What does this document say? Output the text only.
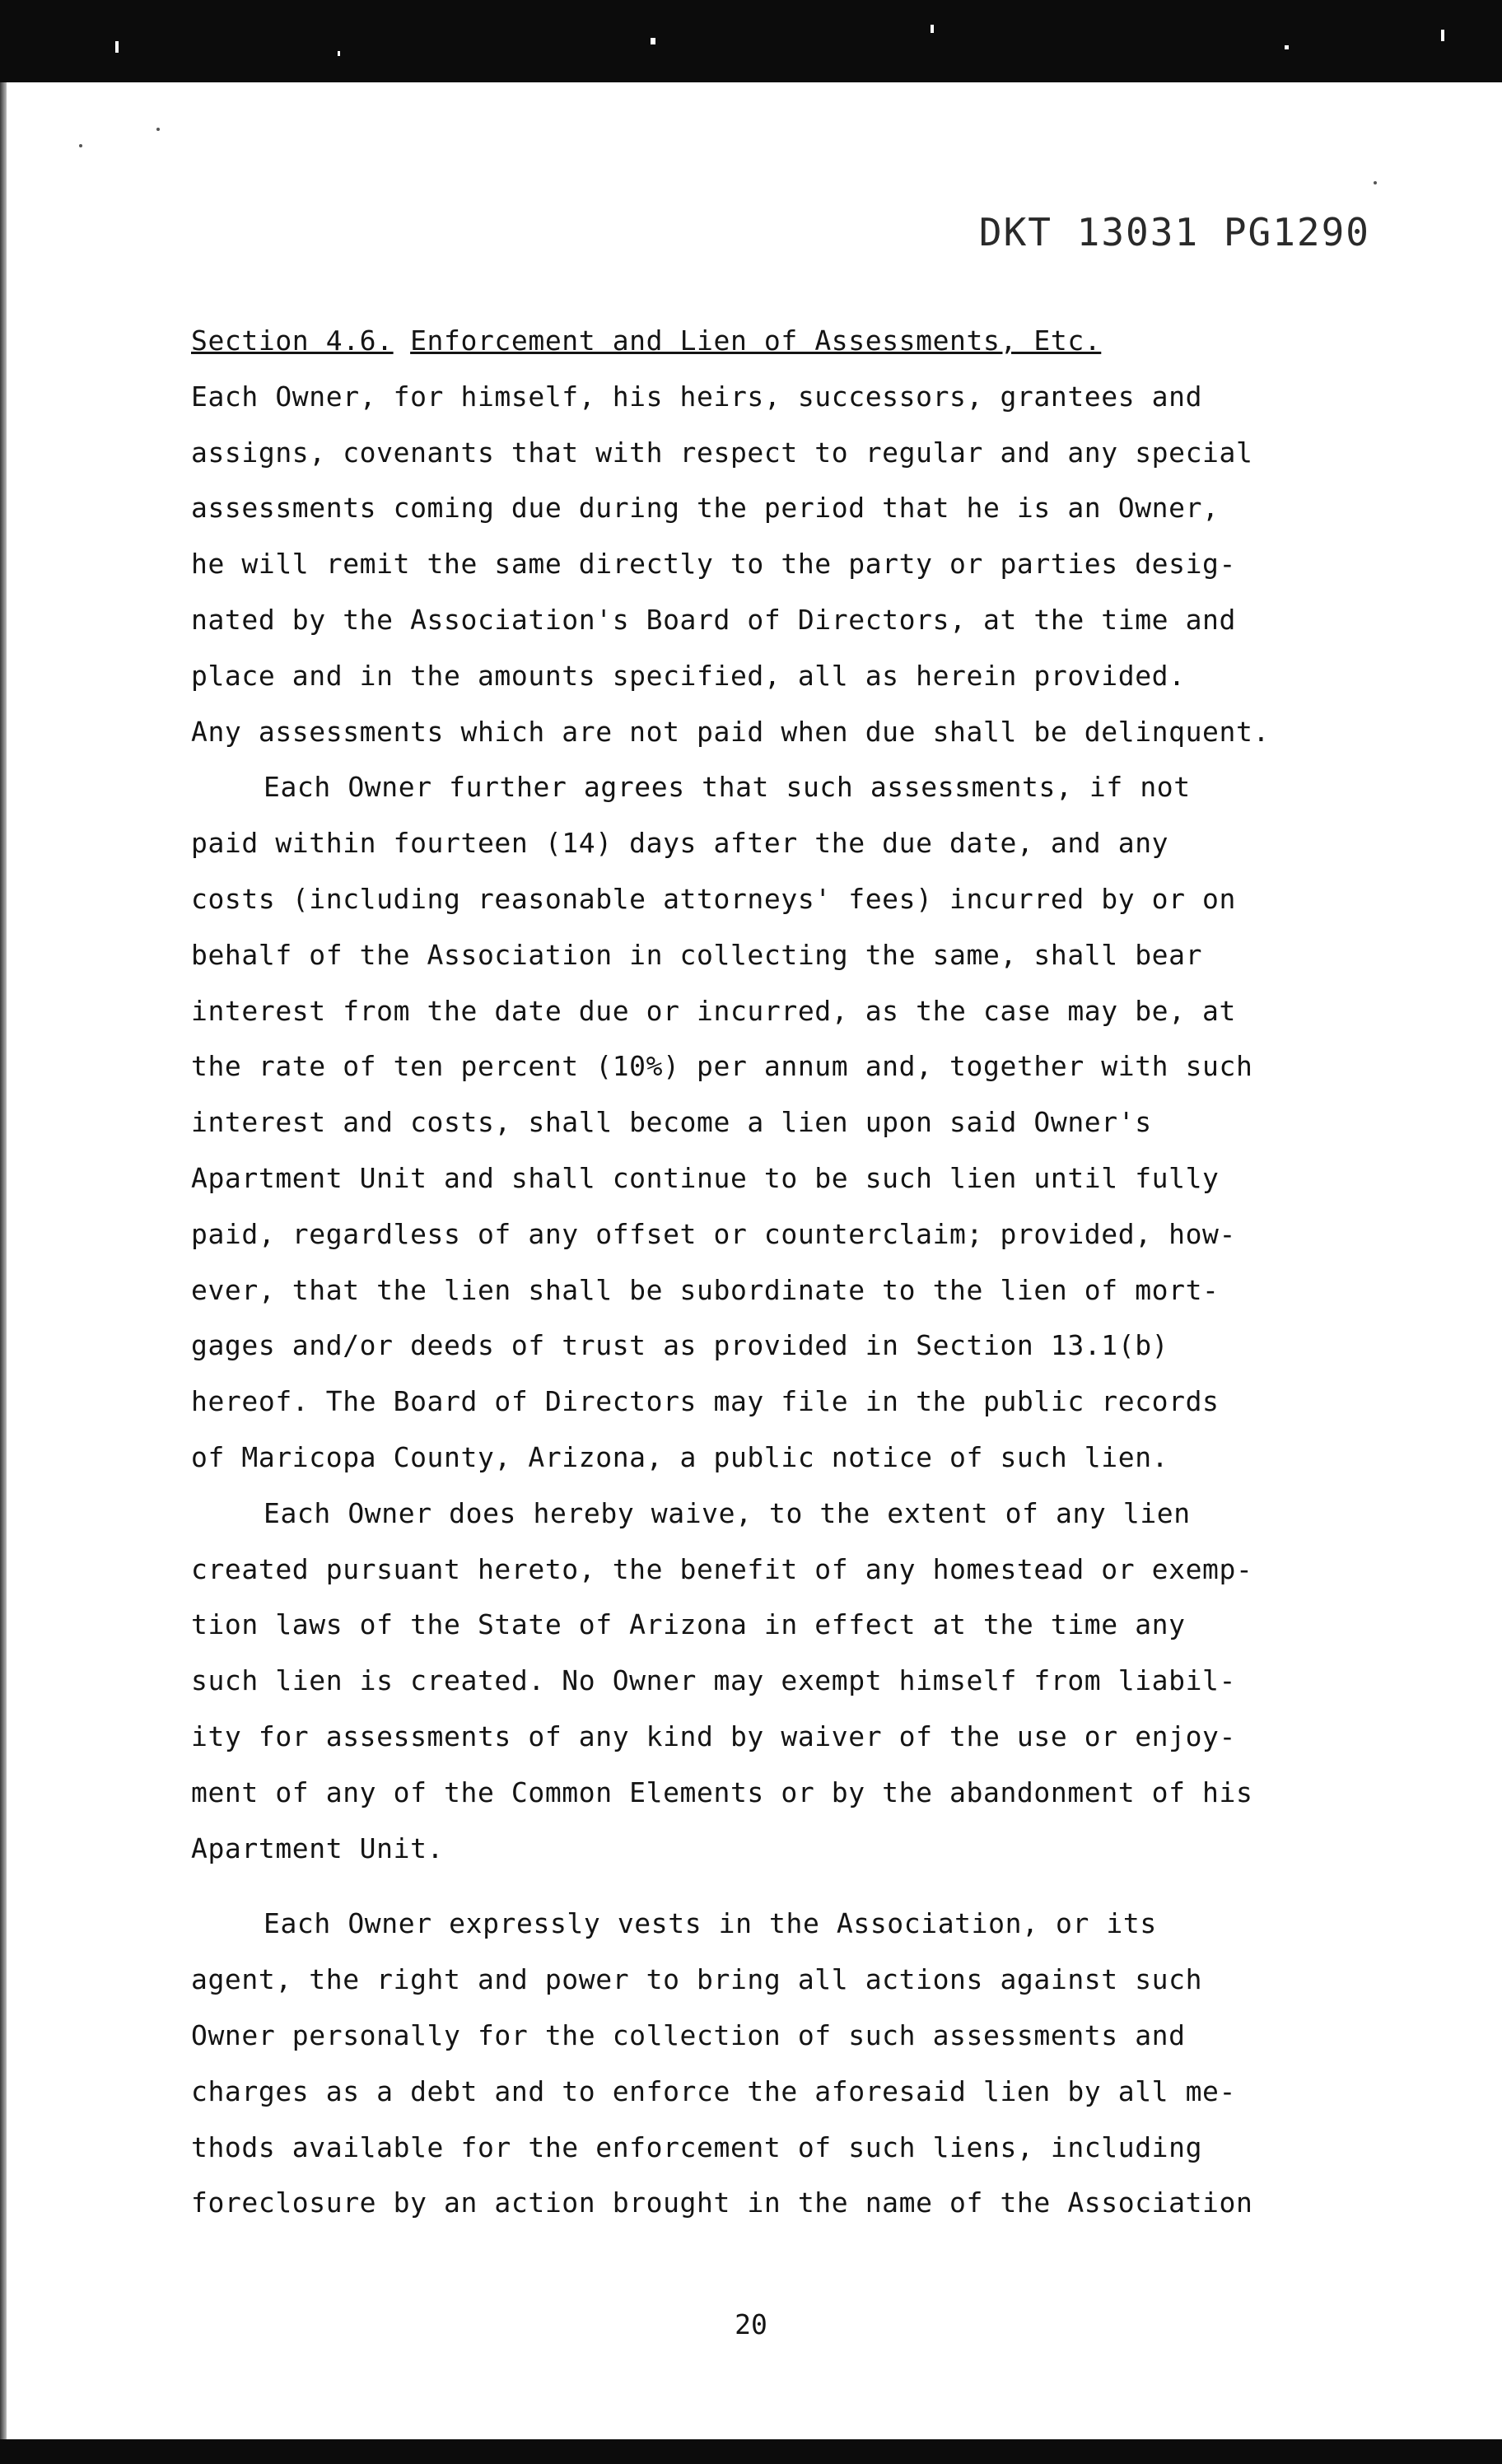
DKT 13031 PG1290
Section 4.6. Enforcement and Lien of Assessments, Etc.
Each Owner, for himself, his heirs, successors, grantees and
assigns, covenants that with respect to regular and any special
assessments coming due during the period that he is an Owner,
he will remit the same directly to the party or parties desig-
nated by the Association's Board of Directors, at the time and
place and in the amounts specified, all as herein provided.
Any assessments which are not paid when due shall be delinquent.
Each Owner further agrees that such assessments, if not
paid within fourteen (14) days after the due date, and any
costs (including reasonable attorneys' fees) incurred by or on
behalf of the Association in collecting the same, shall bear
interest from the date due or incurred, as the case may be, at
the rate of ten percent (10%) per annum and, together with such
interest and costs, shall become a lien upon said Owner's
Apartment Unit and shall continue to be such lien until fully
paid, regardless of any offset or counterclaim; provided, how-
ever, that the lien shall be subordinate to the lien of mort-
gages and/or deeds of trust as provided in Section 13.1(b)
hereof. The Board of Directors may file in the public records
of Maricopa County, Arizona, a public notice of such lien.
Each Owner does hereby waive, to the extent of any lien
created pursuant hereto, the benefit of any homestead or exemp-
tion laws of the State of Arizona in effect at the time any
such lien is created. No Owner may exempt himself from liabil-
ity for assessments of any kind by waiver of the use or enjoy-
ment of any of the Common Elements or by the abandonment of his
Apartment Unit.
Each Owner expressly vests in the Association, or its
agent, the right and power to bring all actions against such
Owner personally for the collection of such assessments and
charges as a debt and to enforce the aforesaid lien by all me-
thods available for the enforcement of such liens, including
foreclosure by an action brought in the name of the Association
20
